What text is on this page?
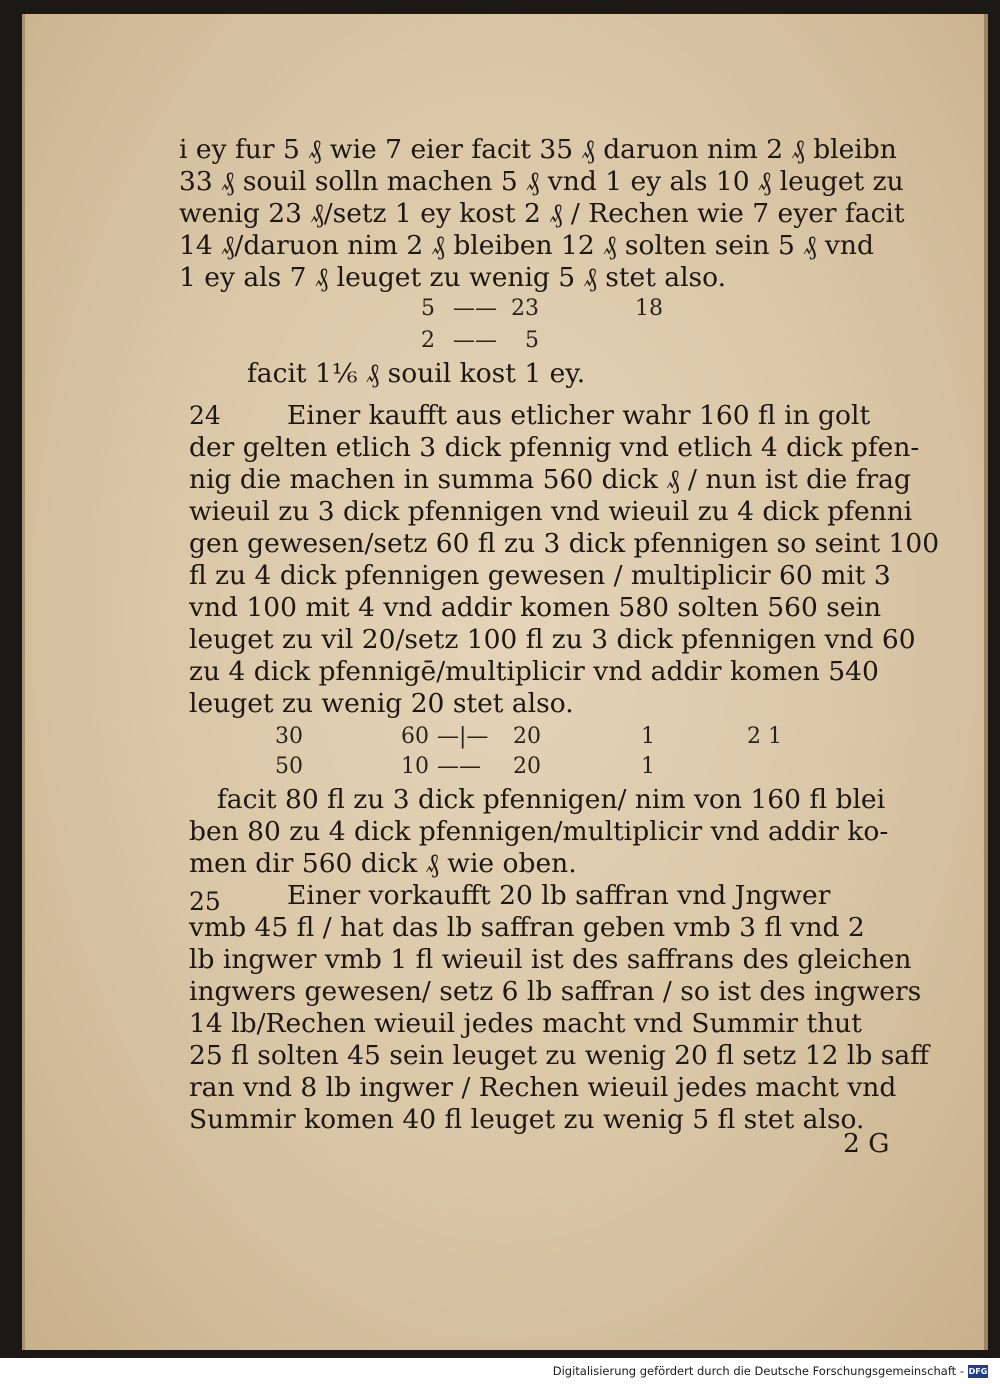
i ey fur 5 ₰ wie 7 eier facit 35 ₰ daruon nim 2 ₰ bleibn
33 ₰ souil solln machen 5 ₰ vnd 1 ey als 10 ₰ leuget zu
wenig 23 ₰/setz 1 ey kost 2 ₰ / Rechen wie 7 eyer facit
14 ₰/daruon nim 2 ₰ bleiben 12 ₰ solten sein 5 ₰ vnd
1 ey als 7 ₰ leuget zu wenig 5 ₰ stet also.
5 —— 23	18
2 —— 5
facit 1⅙ ₰ souil kost 1 ey.
24 Einer kaufft aus etlicher wahr 160 fl in golt
der gelten etlich 3 dick pfennig vnd etlich 4 dick pfen-
nig die machen in summa 560 dick ₰ / nun ist die frag
wieuil zu 3 dick pfennigen vnd wieuil zu 4 dick pfenni
gen gewesen/setz 60 fl zu 3 dick pfennigen so seint 100
fl zu 4 dick pfennigen gewesen / multiplicir 60 mit 3
vnd 100 mit 4 vnd addir komen 580 solten 560 sein
leuget zu vil 20/setz 100 fl zu 3 dick pfennigen vnd 60
zu 4 dick pfennigē/multiplicir vnd addir komen 540
leuget zu wenig 20 stet also.
30	60 —|— 20	1	2 1
50	10 —— 20	1
facit 80 fl zu 3 dick pfennigen/ nim von 160 fl blei
ben 80 zu 4 dick pfennigen/multiplicir vnd addir ko-
men dir 560 dick ₰ wie oben.
25 Einer vorkaufft 20 lb saffran vnd Jngwer
vmb 45 fl / hat das lb saffran geben vmb 3 fl vnd 2
lb ingwer vmb 1 fl wieuil ist des saffrans des gleichen
ingwers gewesen/ setz 6 lb saffran / so ist des ingwers
14 lb/Rechen wieuil jedes macht vnd Summir thut
25 fl solten 45 sein leuget zu wenig 20 fl setz 12 lb saff
ran vnd 8 lb ingwer / Rechen wieuil jedes macht vnd
Summir komen 40 fl leuget zu wenig 5 fl stet also.
2 G
Digitalisierung gefördert durch die Deutsche Forschungsgemeinschaft - DFG
